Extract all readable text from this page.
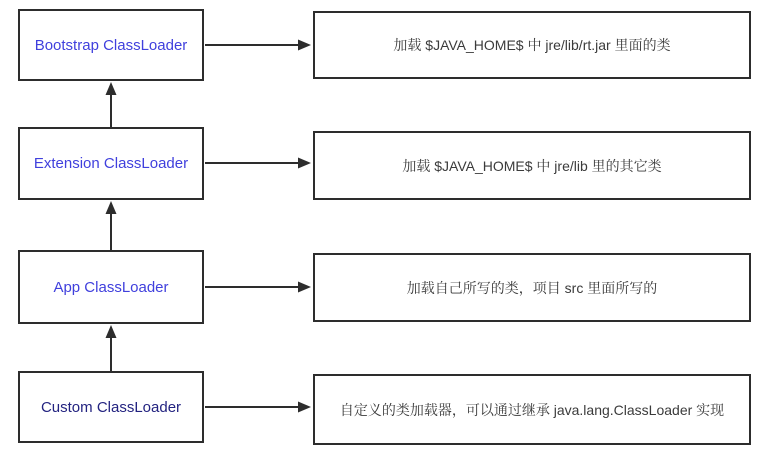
Bootstrap ClassLoader
Extension ClassLoader
App ClassLoader
Custom ClassLoader
加载 $JAVA_HOME$ 中 jre/lib/rt.jar 里面的类
加载 $JAVA_HOME$ 中 jre/lib 里的其它类
加载自己所写的类，项目 src 里面所写的
自定义的类加载器，可以通过继承 java.lang.ClassLoader 实现
